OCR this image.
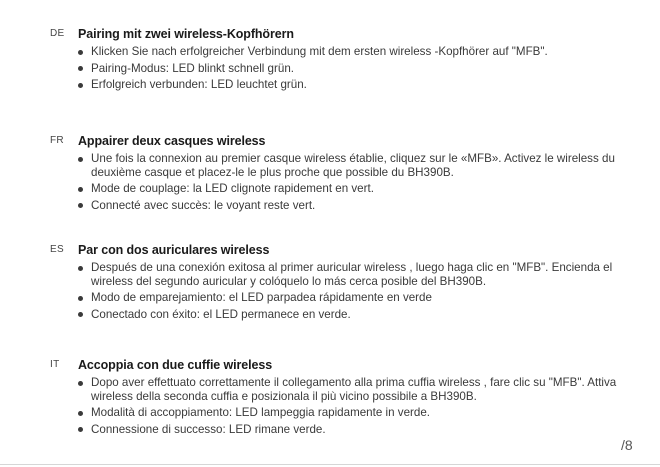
DE Pairing mit zwei wireless-Kopfhörern
Klicken Sie nach erfolgreicher Verbindung mit dem ersten wireless -Kopfhörer auf "MFB".
Pairing-Modus: LED blinkt schnell grün.
Erfolgreich verbunden: LED leuchtet grün.
FR Appairer deux casques wireless
Une fois la connexion au premier casque wireless établie, cliquez sur le «MFB». Activez le wireless du deuxième casque et placez-le le plus proche que possible du BH390B.
Mode de couplage: la LED clignote rapidement en vert.
Connecté avec succès: le voyant reste vert.
ES Par con dos auriculares wireless
Después de una conexión exitosa al primer auricular wireless , luego haga clic en "MFB". Encienda el wireless del segundo auricular y colóquelo lo más cerca posible del BH390B.
Modo de emparejamiento: el LED parpadea rápidamente en verde
Conectado con éxito: el LED permanece en verde.
IT Accoppia con due cuffie wireless
Dopo aver effettuato correttamente il collegamento alla prima cuffia wireless , fare clic su "MFB". Attiva wireless della seconda cuffia e posizionala il più vicino possibile a BH390B.
Modalità di accoppiamento: LED lampeggia rapidamente in verde.
Connessione di successo: LED rimane verde.
/8
